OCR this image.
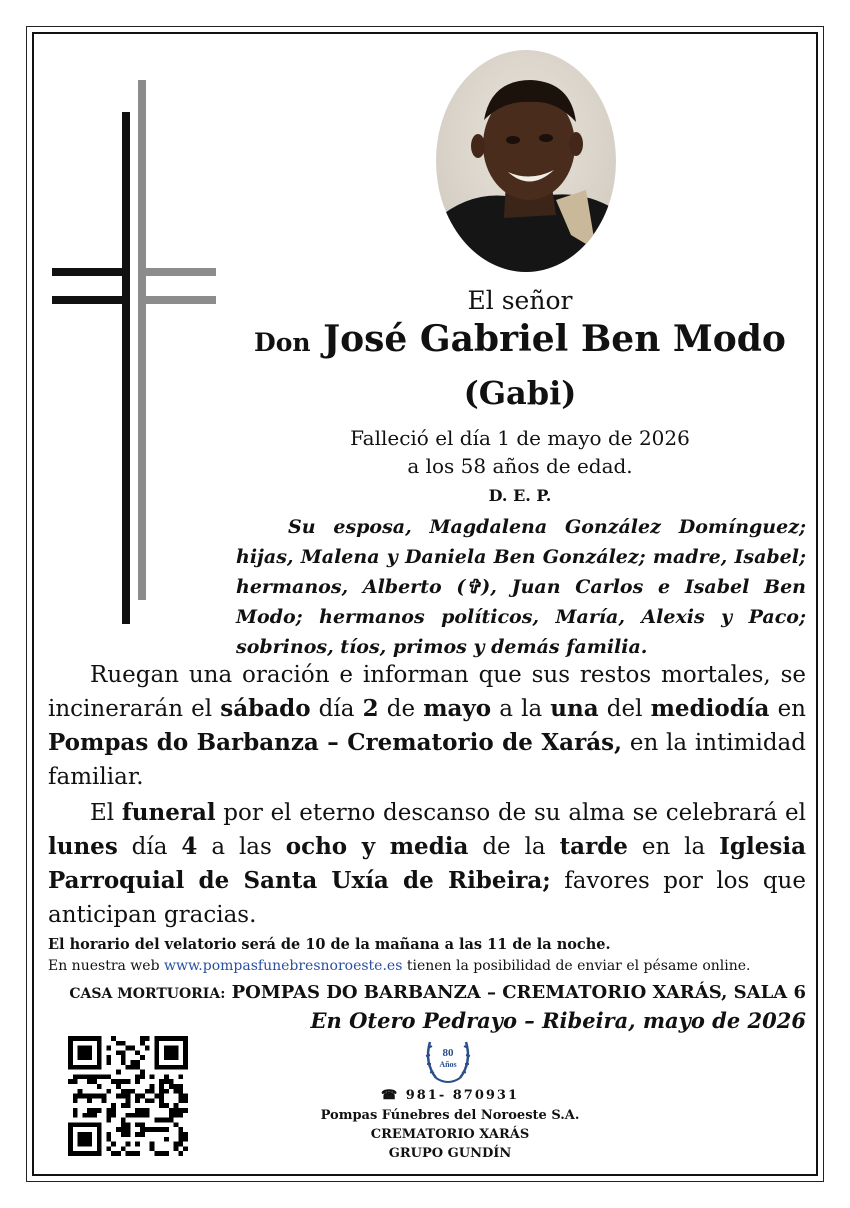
El señor
Don José Gabriel Ben Modo
(Gabi)
Falleció el día 1 de mayo de 2026
a los 58 años de edad.
D. E. P.
Su esposa, Magdalena González Domínguez; hijas, Malena y Daniela Ben González; madre, Isabel; hermanos, Alberto (✞), Juan Carlos e Isabel Ben Modo; hermanos políticos, María, Alexis y Paco; sobrinos, tíos, primos y demás familia.
Ruegan una oración e informan que sus restos mortales, se incinerarán el sábado día 2 de mayo a la una del mediodía en Pompas do Barbanza – Crematorio de Xarás, en la intimidad familiar.
El funeral por el eterno descanso de su alma se celebrará el lunes día 4 a las ocho y media de la tarde en la Iglesia Parroquial de Santa Uxía de Ribeira; favores por los que anticipan gracias.
El horario del velatorio será de 10 de la mañana a las 11 de la noche.
En nuestra web www.pompasfunebresnoroeste.es tienen la posibilidad de enviar el pésame online.
CASA MORTUORIA: POMPAS DO BARBANZA – CREMATORIO XARÁS, SALA 6
En Otero Pedrayo – Ribeira, mayo de 2026
80
Años
☎ 981- 870931
Pompas Fúnebres del Noroeste S.A.
CREMATORIO XARÁS
GRUPO GUNDÍN
